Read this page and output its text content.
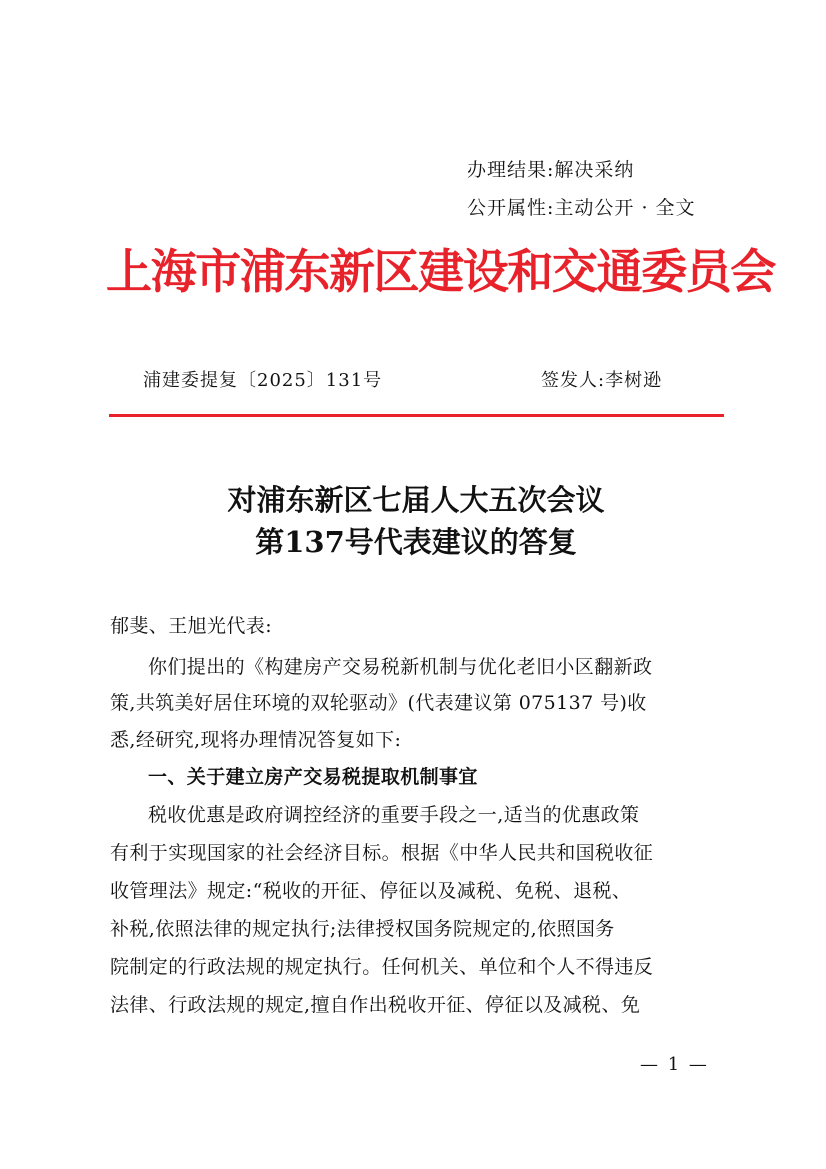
办理结果:解决采纳
公开属性:主动公开 · 全文
上海市浦东新区建设和交通委员会
浦建委提复〔2025〕131号	签发人:李树逊
对浦东新区七届人大五次会议
第137号代表建议的答复
郁斐、王旭光代表:
你们提出的《构建房产交易税新机制与优化老旧小区翻新政
策,共筑美好居住环境的双轮驱动》(代表建议第 075137 号)收
悉,经研究,现将办理情况答复如下:
一、关于建立房产交易税提取机制事宜
税收优惠是政府调控经济的重要手段之一,适当的优惠政策
有利于实现国家的社会经济目标。根据《中华人民共和国税收征
收管理法》规定:“税收的开征、停征以及减税、免税、退税、
补税,依照法律的规定执行;法律授权国务院规定的,依照国务
院制定的行政法规的规定执行。任何机关、单位和个人不得违反
法律、行政法规的规定,擅自作出税收开征、停征以及减税、免
— 1 —
